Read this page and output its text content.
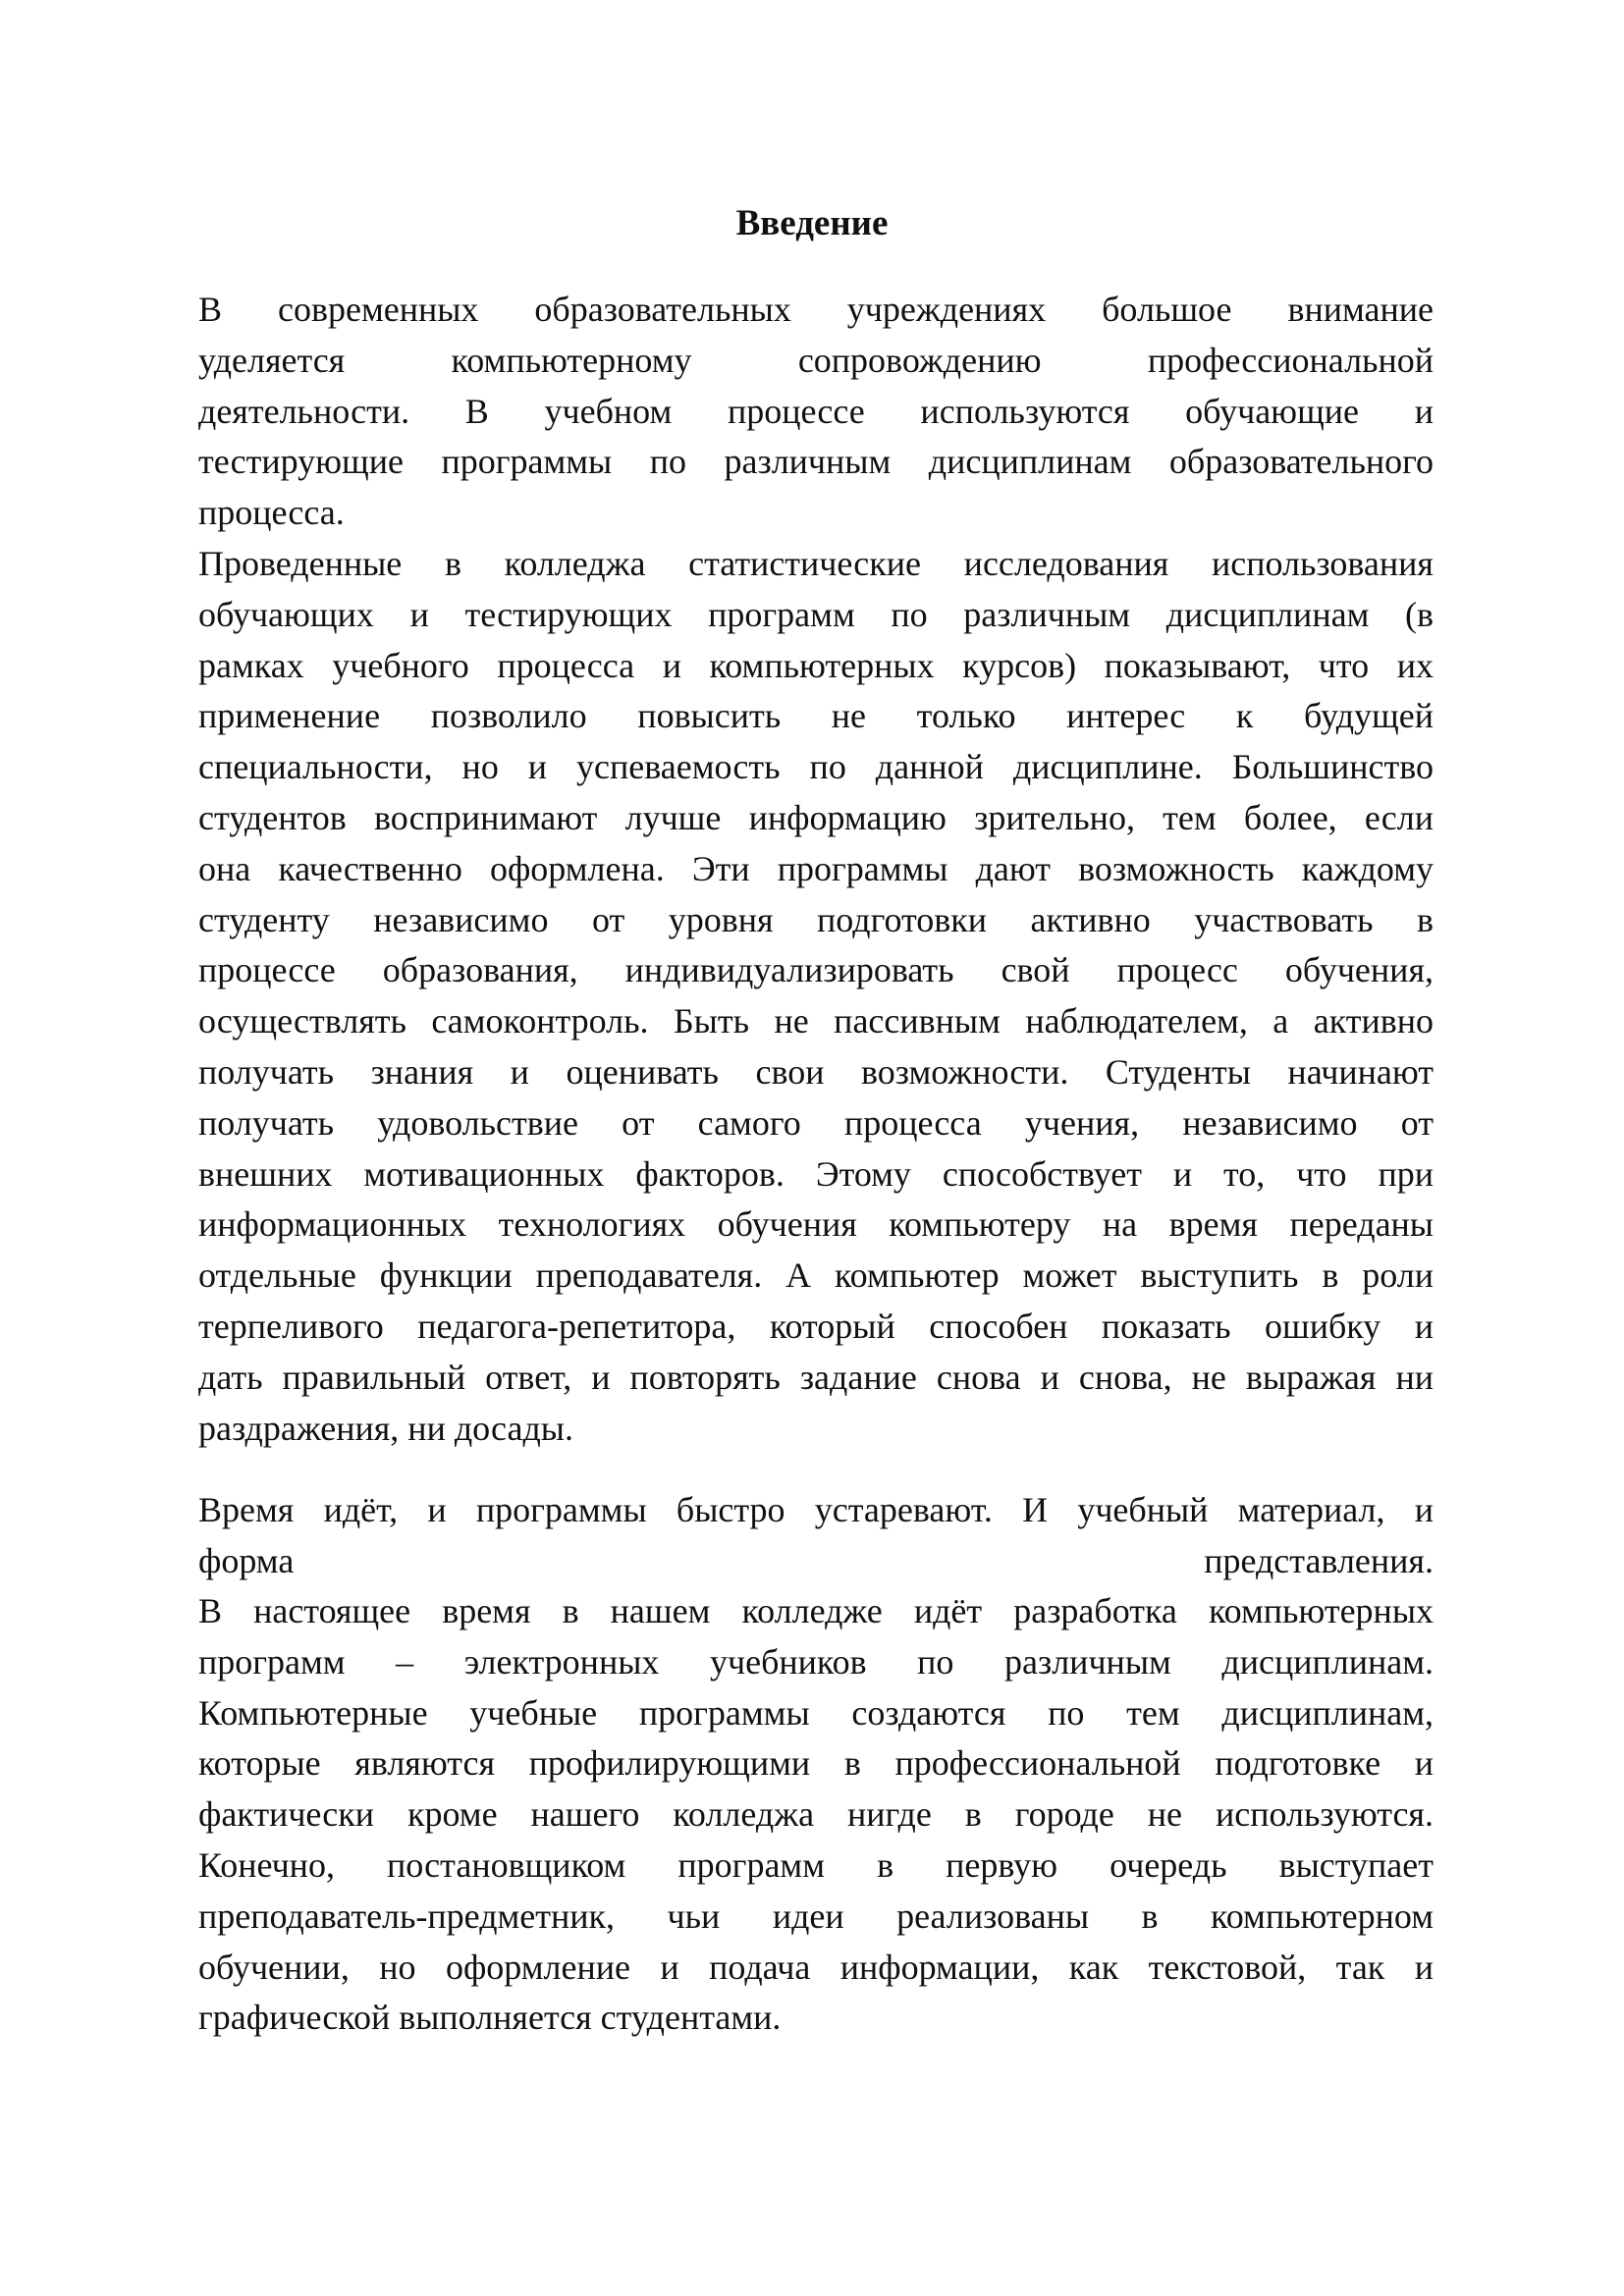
Введение
В современных образовательных учреждениях большое внимание
уделяется компьютерному сопровождению профессиональной
деятельности. В учебном процессе используются обучающие и
тестирующие программы по различным дисциплинам образовательного
процесса.
Проведенные в колледжа статистические исследования использования
обучающих и тестирующих программ по различным дисциплинам (в
рамках учебного процесса и компьютерных курсов) показывают, что их
применение позволило повысить не только интерес к будущей
специальности, но и успеваемость по данной дисциплине. Большинство
студентов воспринимают лучше информацию зрительно, тем более, если
она качественно оформлена. Эти программы дают возможность каждому
студенту независимо от уровня подготовки активно участвовать в
процессе образования, индивидуализировать свой процесс обучения,
осуществлять самоконтроль. Быть не пассивным наблюдателем, а активно
получать знания и оценивать свои возможности. Студенты начинают
получать удовольствие от самого процесса учения, независимо от
внешних мотивационных факторов. Этому способствует и то, что при
информационных технологиях обучения компьютеру на время переданы
отдельные функции преподавателя. А компьютер может выступить в роли
терпеливого педагога-репетитора, который способен показать ошибку и
дать правильный ответ, и повторять задание снова и снова, не выражая ни
раздражения, ни досады.
Время идёт, и программы быстро устаревают. И учебный материал, и
форма представления.
В настоящее время в нашем колледже идёт разработка компьютерных
программ – электронных учебников по различным дисциплинам.
Компьютерные учебные программы создаются по тем дисциплинам,
которые являются профилирующими в профессиональной подготовке и
фактически кроме нашего колледжа нигде в городе не используются.
Конечно, постановщиком программ в первую очередь выступает
преподаватель-предметник, чьи идеи реализованы в компьютерном
обучении, но оформление и подача информации, как текстовой, так и
графической выполняется студентами.
